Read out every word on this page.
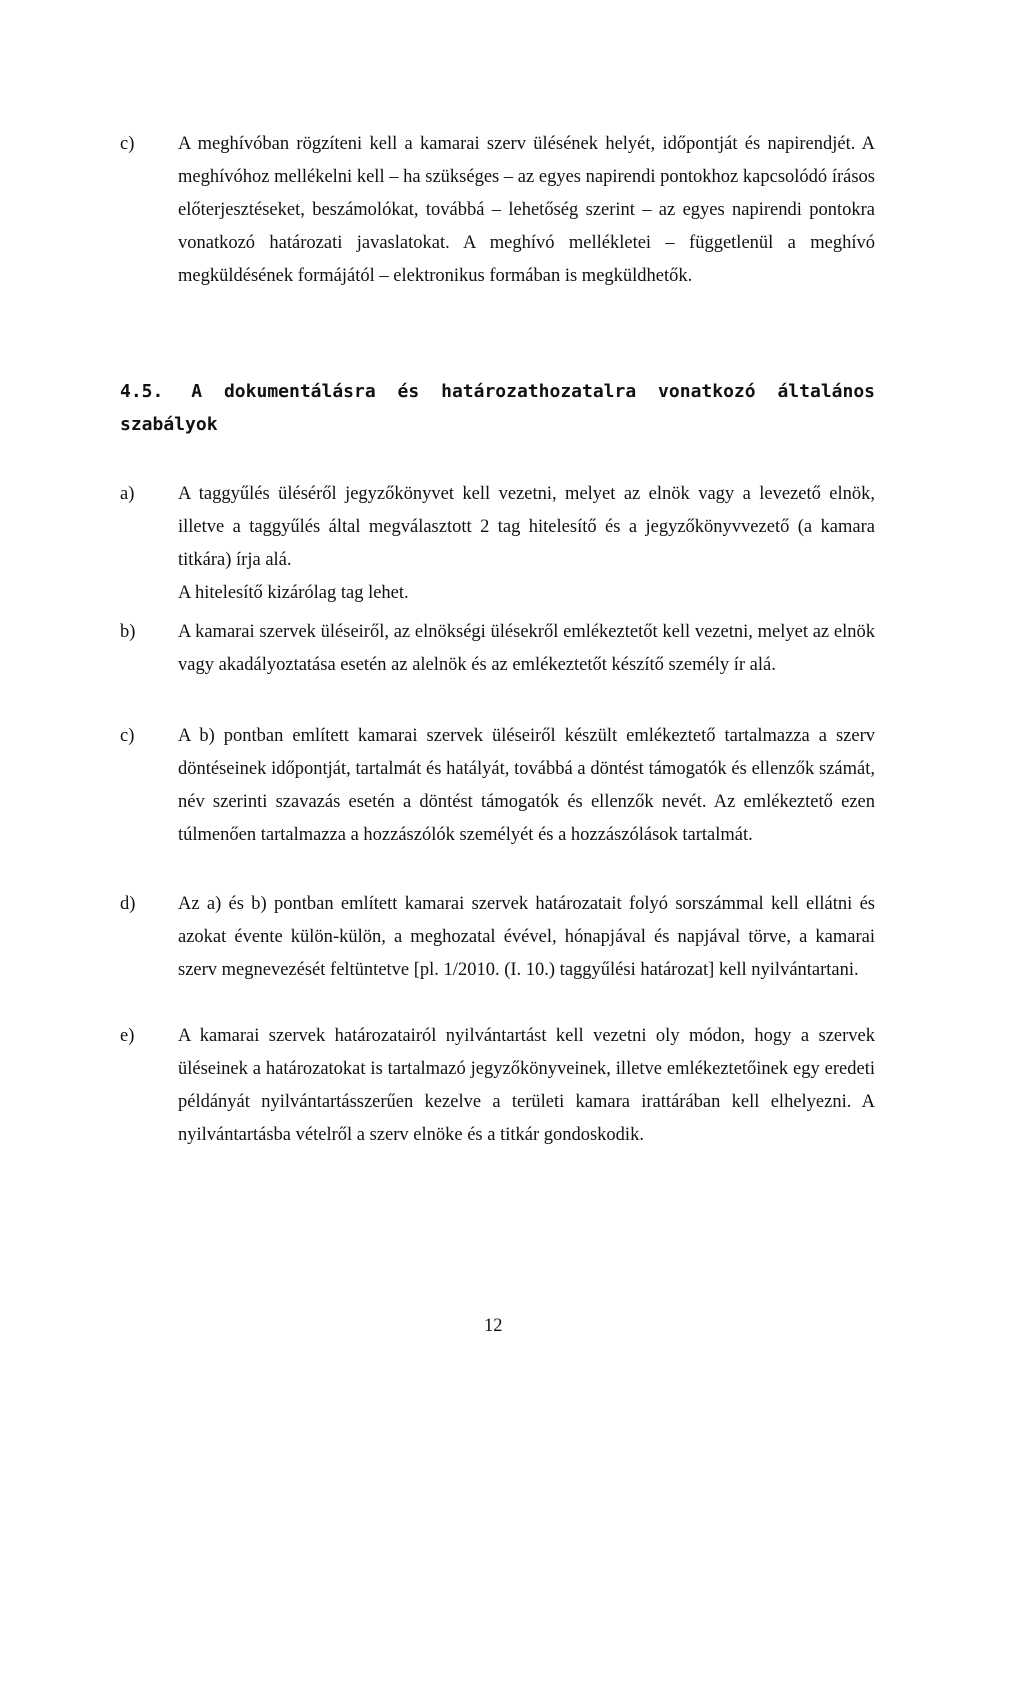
c) A meghívóban rögzíteni kell a kamarai szerv ülésének helyét, időpontját és napirendjét. A meghívóhoz mellékelni kell – ha szükséges – az egyes napirendi pontokhoz kapcsolódó írásos előterjesztéseket, beszámolókat, továbbá – lehetőség szerint – az egyes napirendi pontokra vonatkozó határozati javaslatokat. A meghívó mellékletei – függetlenül a meghívó megküldésének formájától – elektronikus formában is megküldhetők.
4.5. A dokumentálásra és határozathozatalra vonatkozó általános szabályok
a) A taggyűlés üléséről jegyzőkönyvet kell vezetni, melyet az elnök vagy a levezető elnök, illetve a taggyűlés által megválasztott 2 tag hitelesítő és a jegyzőkönyvvezető (a kamara titkára) írja alá.
A hitelesítő kizárólag tag lehet.
b) A kamarai szervek üléseiről, az elnökségi ülésekről emlékeztetőt kell vezetni, melyet az elnök vagy akadályoztatása esetén az alelnök és az emlékeztetőt készítő személy ír alá.
c) A b) pontban említett kamarai szervek üléseiről készült emlékeztető tartalmazza a szerv döntéseinek időpontját, tartalmát és hatályát, továbbá a döntést támogatók és ellenzők számát, név szerinti szavazás esetén a döntést támogatók és ellenzők nevét. Az emlékeztető ezen túlmenően tartalmazza a hozzászólók személyét és a hozzászólások tartalmát.
d) Az a) és b) pontban említett kamarai szervek határozatait folyó sorszámmal kell ellátni és azokat évente külön-külön, a meghozatal évével, hónapjával és napjával törve, a kamarai szerv megnevezését feltüntetve [pl. 1/2010. (I. 10.) taggyűlési határozat] kell nyilvántartani.
e) A kamarai szervek határozatairól nyilvántartást kell vezetni oly módon, hogy a szervek üléseinek a határozatokat is tartalmazó jegyzőkönyveinek, illetve emlékeztetőinek egy eredeti példányát nyilvántartásszerűen kezelve a területi kamara irattárában kell elhelyezni. A nyilvántartásba vételről a szerv elnöke és a titkár gondoskodik.
12
